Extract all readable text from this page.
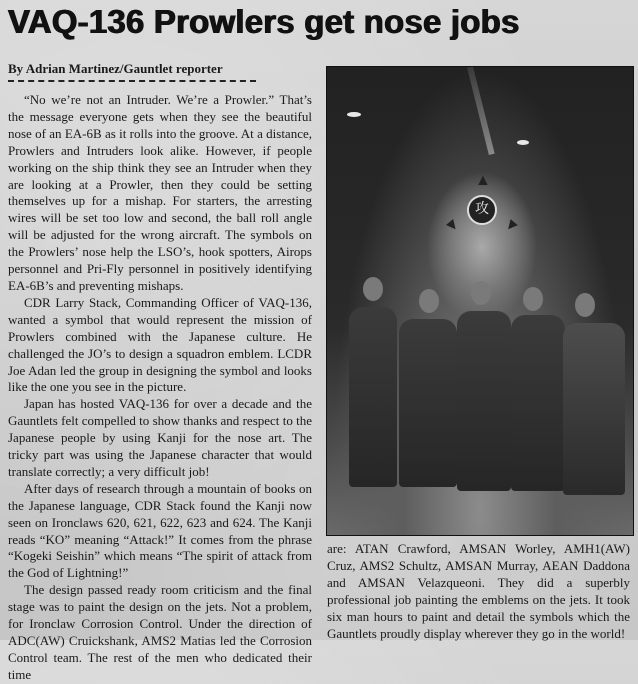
VAQ-136 Prowlers get nose jobs
By Adrian Martinez/Gauntlet reporter

“No we’re not an Intruder. We’re a Prowler.” That’s the message everyone gets when they see the beautiful nose of an EA-6B as it rolls into the groove. At a distance, Prowlers and Intruders look alike. However, if people working on the ship think they see an Intruder when they are looking at a Prowler, then they could be setting themselves up for a mishap. For starters, the arresting wires will be set too low and second, the ball roll angle will be adjusted for the wrong aircraft. The symbols on the Prowlers’ nose help the LSO’s, hook spotters, Airops personnel and Pri-Fly personnel in positively identifying EA-6B’s and preventing mishaps.

CDR Larry Stack, Commanding Officer of VAQ-136, wanted a symbol that would represent the mission of Prowlers combined with the Japanese culture. He challenged the JO’s to design a squadron emblem. LCDR Joe Adan led the group in designing the symbol and looks like the one you see in the picture.

Japan has hosted VAQ-136 for over a decade and the Gauntlets felt compelled to show thanks and respect to the Japanese people by using Kanji for the nose art. The tricky part was using the Japanese character that would translate correctly; a very difficult job!

After days of research through a mountain of books on the Japanese language, CDR Stack found the Kanji now seen on Ironclaws 620, 621, 622, 623 and 624. The Kanji reads “KO” meaning “Attack!” It comes from the phrase “Kogeki Seishin” which means “The spirit of attack from the God of Lightning!”

The design passed ready room criticism and the final stage was to paint the design on the jets. Not a problem, for Ironclaw Corrosion Control. Under the direction of ADC(AW) Cruickshank, AMS2 Matias led the Corrosion Control team. The rest of the men who dedicated their time

▲
攻
▼ ▼

are: ATAN Crawford, AMSAN Worley, AMH1(AW) Cruz, AMS2 Schultz, AMSAN Murray, AEAN Daddona and AMSAN Velazqueoni. They did a superbly professional job painting the emblems on the jets. It took six man hours to paint and detail the symbols which the Gauntlets proudly display wherever they go in the world!
